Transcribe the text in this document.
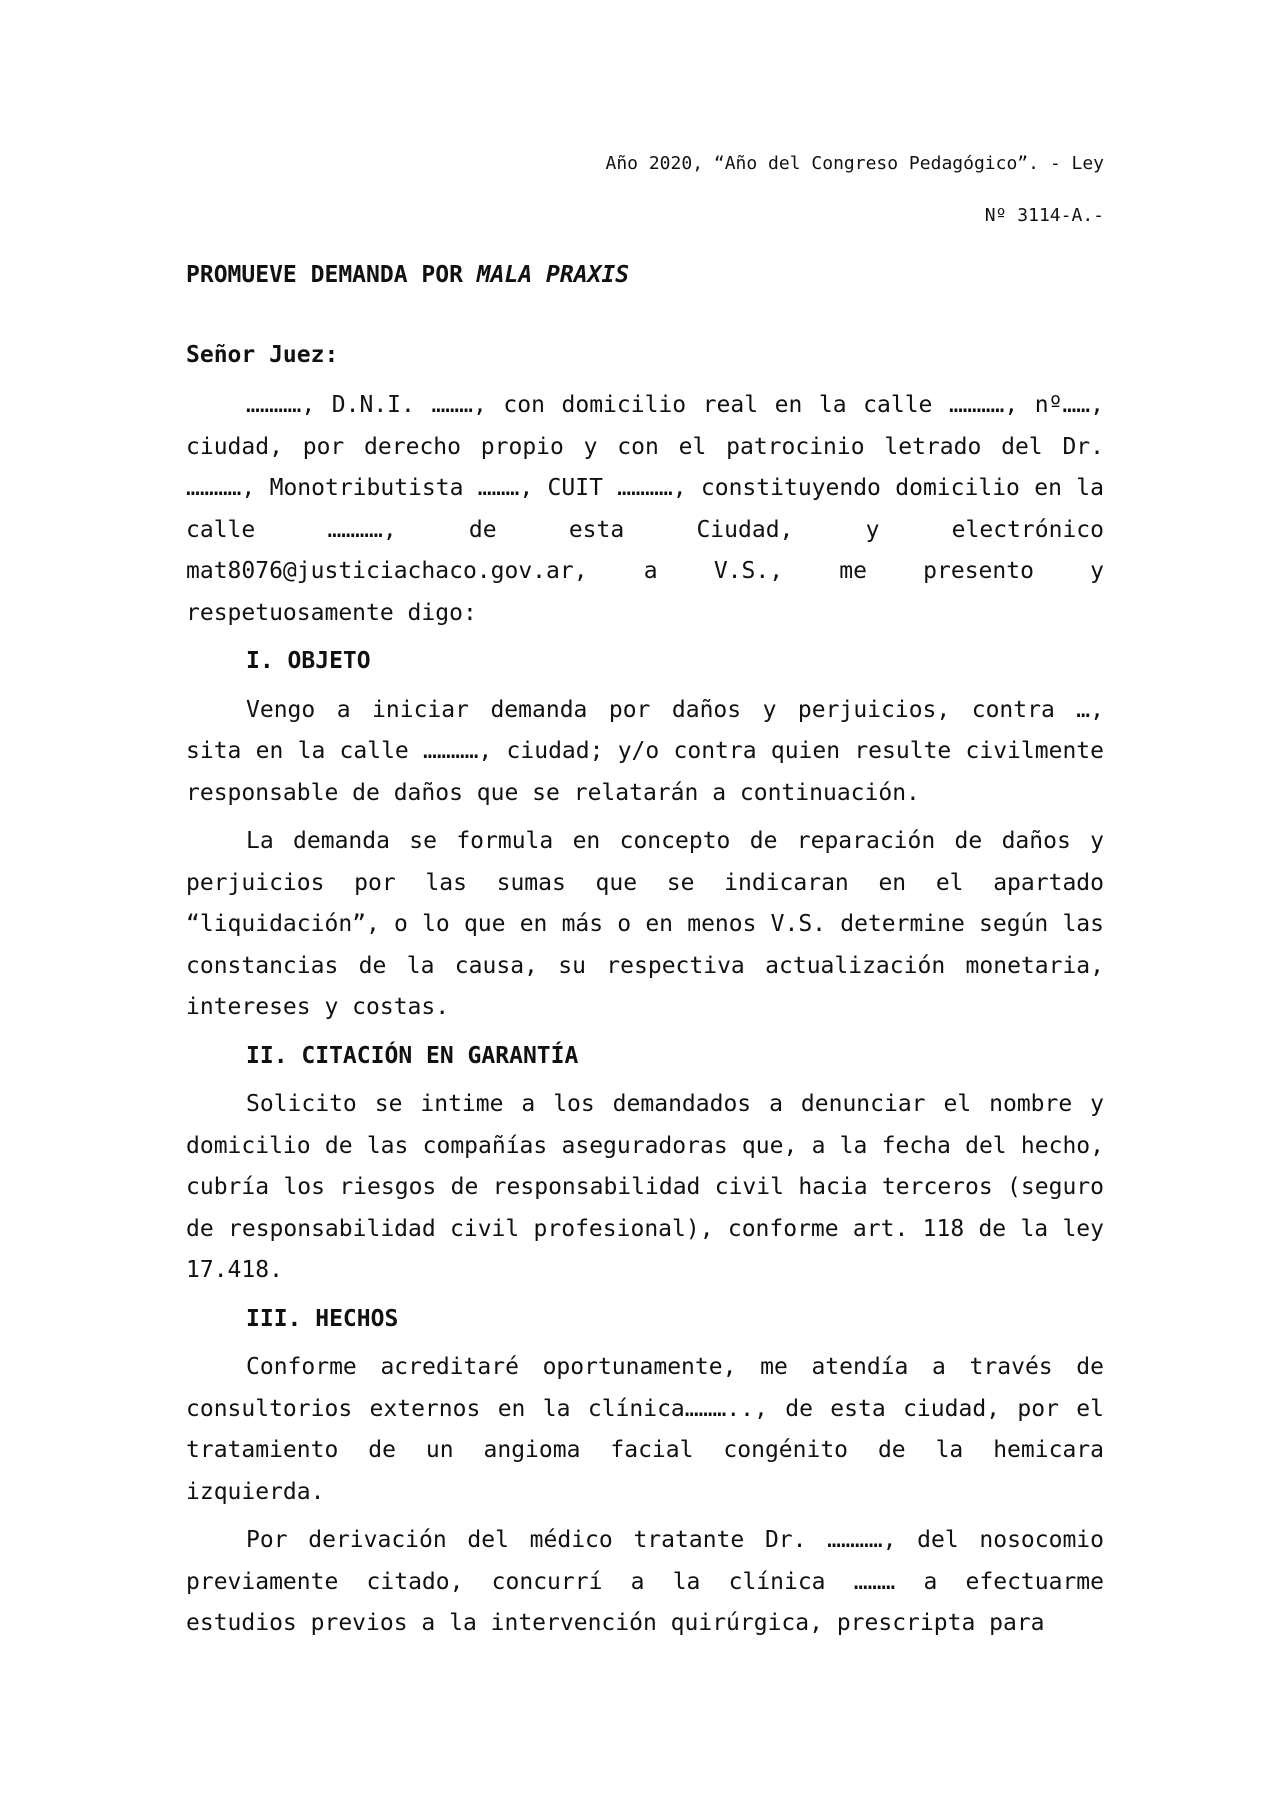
Año 2020, “Año del Congreso Pedagógico”. - Ley
Nº 3114-A.-
PROMUEVE DEMANDA POR MALA PRAXIS
Señor Juez:

…………, D.N.I. ………, con domicilio real en la calle …………, nº……, ciudad, por derecho propio y con el patrocinio letrado del Dr. …………, Monotributista ………, CUIT …………, constituyendo domicilio en la calle …………, de esta Ciudad, y electrónico mat8076@justiciachaco.gov.ar, a V.S., me presento y respetuosamente digo:

I. OBJETO

Vengo a iniciar demanda por daños y perjuicios, contra …, sita en la calle …………, ciudad; y/o contra quien resulte civilmente responsable de daños que se relatarán a continuación.

La demanda se formula en concepto de reparación de daños y perjuicios por las sumas que se indicaran en el apartado “liquidación”, o lo que en más o en menos V.S. determine según las constancias de la causa, su respectiva actualización monetaria, intereses y costas.

II. CITACIÓN EN GARANTÍA

Solicito se intime a los demandados a denunciar el nombre y domicilio de las compañías aseguradoras que, a la fecha del hecho, cubría los riesgos de responsabilidad civil hacia terceros (seguro de responsabilidad civil profesional), conforme art. 118 de la ley 17.418.

III. HECHOS

Conforme acreditaré oportunamente, me atendía a través de consultorios externos en la clínica……….., de esta ciudad, por el tratamiento de un angioma facial congénito de la hemicara izquierda.

Por derivación del médico tratante Dr. …………, del nosocomio previamente citado, concurrí a la clínica ……… a efectuarme estudios previos a la intervención quirúrgica, prescripta para
